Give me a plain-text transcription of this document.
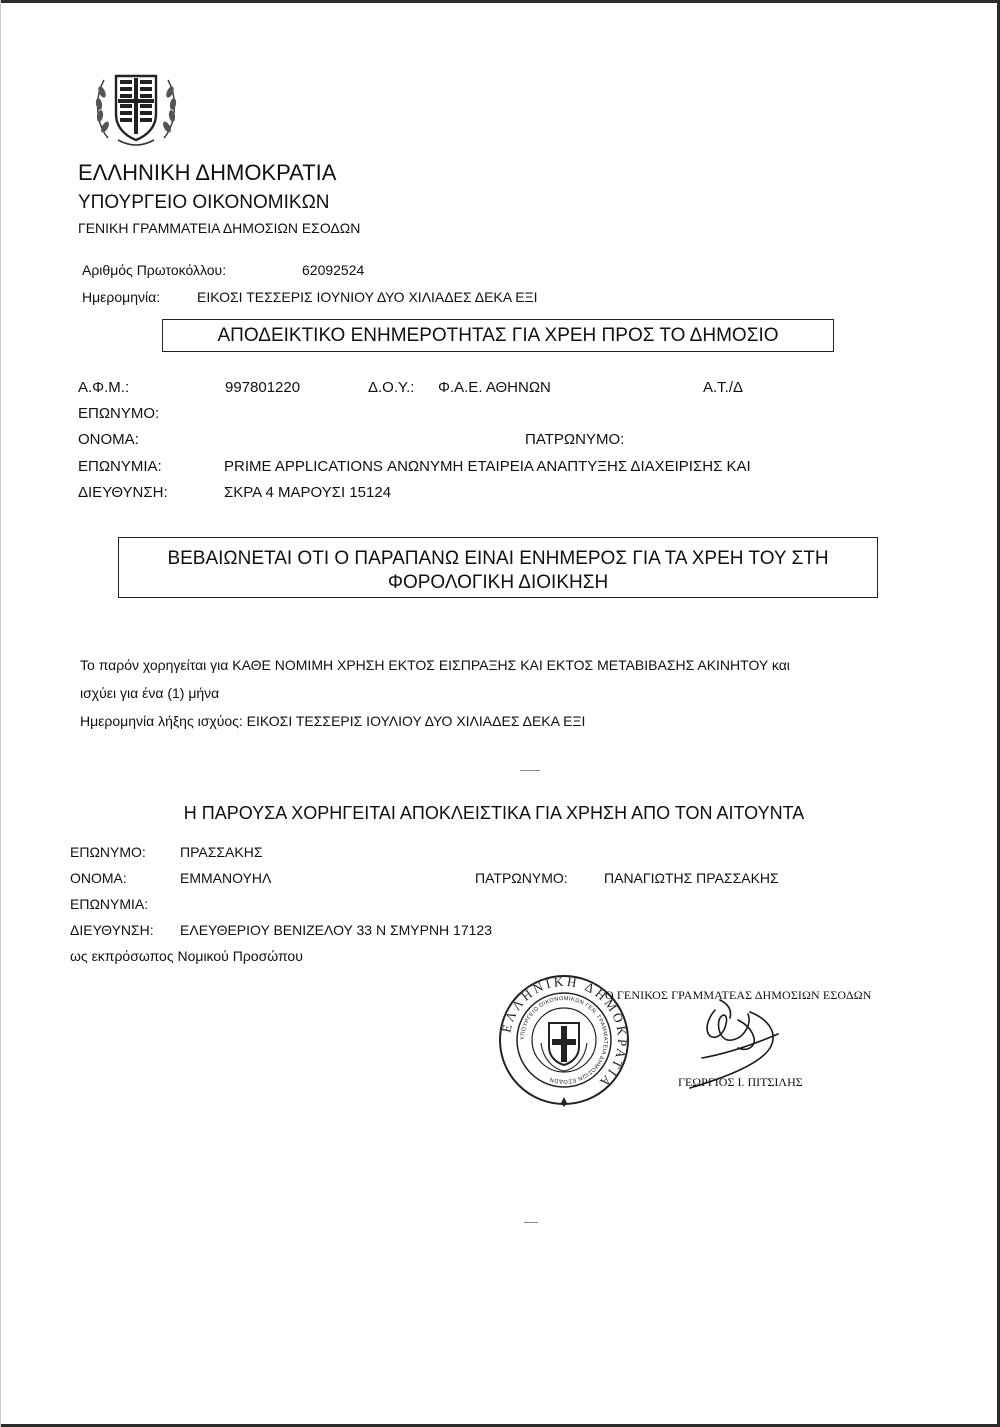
ΕΛΛΗΝΙΚΗ ΔΗΜΟΚΡΑΤΙΑ
ΥΠΟΥΡΓΕΙΟ ΟΙΚΟΝΟΜΙΚΩΝ
ΓΕΝΙΚΗ ΓΡΑΜΜΑΤΕΙΑ ΔΗΜΟΣΙΩΝ ΕΣΟΔΩΝ
Αριθμός Πρωτοκόλλου:	62092524
Ημερομηνία:	ΕΙΚΟΣΙ ΤΕΣΣΕΡΙΣ ΙΟΥΝΙΟΥ ΔΥΟ ΧΙΛΙΑΔΕΣ ΔΕΚΑ ΕΞΙ
ΑΠΟΔΕΙΚΤΙΚΟ ΕΝΗΜΕΡΟΤΗΤΑΣ ΓΙΑ ΧΡΕΗ ΠΡΟΣ ΤΟ ΔΗΜΟΣΙΟ
Α.Φ.Μ.:	997801220	Δ.Ο.Υ.: Φ.Α.Ε. ΑΘΗΝΩΝ	Α.Τ./Δ
ΕΠΩΝΥΜΟ:
ΟΝΟΜΑ:	ΠΑΤΡΩΝΥΜΟ:
ΕΠΩΝΥΜΙΑ:	PRIME APPLICATIONS ΑΝΩΝΥΜΗ ΕΤΑΙΡΕΙΑ ΑΝΑΠΤΥΞΗΣ ΔΙΑΧΕΙΡΙΣΗΣ ΚΑΙ
ΔΙΕΥΘΥΝΣΗ:	ΣΚΡΑ 4 ΜΑΡΟΥΣΙ 15124
ΒΕΒΑΙΩΝΕΤΑΙ ΟΤΙ Ο ΠΑΡΑΠΑΝΩ ΕΙΝΑΙ ΕΝΗΜΕΡΟΣ ΓΙΑ ΤΑ ΧΡΕΗ ΤΟΥ ΣΤΗ
ΦΟΡΟΛΟΓΙΚΗ ΔΙΟΙΚΗΣΗ
Το παρόν χορηγείται για ΚΑΘΕ ΝΟΜΙΜΗ ΧΡΗΣΗ ΕΚΤΟΣ ΕΙΣΠΡΑΞΗΣ ΚΑΙ ΕΚΤΟΣ ΜΕΤΑΒΙΒΑΣΗΣ ΑΚΙΝΗΤΟΥ και
ισχύει για ένα (1) μήνα
Ημερομηνία λήξης ισχύος: ΕΙΚΟΣΙ ΤΕΣΣΕΡΙΣ ΙΟΥΛΙΟΥ ΔΥΟ ΧΙΛΙΑΔΕΣ ΔΕΚΑ ΕΞΙ
Η ΠΑΡΟΥΣΑ ΧΟΡΗΓΕΙΤΑΙ ΑΠΟΚΛΕΙΣΤΙΚΑ ΓΙΑ ΧΡΗΣΗ ΑΠΟ ΤΟΝ ΑΙΤΟΥΝΤΑ
ΕΠΩΝΥΜΟ: ΠΡΑΣΣΑΚΗΣ
ΟΝΟΜΑ:	ΕΜΜΑΝΟΥΗΛ	ΠΑΤΡΩΝΥΜΟ:	ΠΑΝΑΓΙΩΤΗΣ ΠΡΑΣΣΑΚΗΣ
ΕΠΩΝΥΜΙΑ:
ΔΙΕΥΘΥΝΣΗ: ΕΛΕΥΘΕΡΙΟΥ ΒΕΝΙΖΕΛΟΥ 33 Ν ΣΜΥΡΝΗ 17123
ως εκπρόσωπος Νομικού Προσώπου
ΕΛΛΗΝΙΚΗ ΔΗΜΟΚΡΑΤΙΑ
ΥΠΟΥΡΓΕΙΟ ΟΙΚΟΝΟΜΙΚΩΝ ΓΕΝ. ΓΡΑΜΜΑΤΕΙΑ ΔΗΜΟΣΙΩΝ ΕΣΟΔΩΝ
Ο ΓΕΝΙΚΟΣ ΓΡΑΜΜΑΤΕΑΣ ΔΗΜΟΣΙΩΝ ΕΣΟΔΩΝ
ΓΕΩΡΓΙΟΣ Ι. ΠΙΤΣΙΛΗΣ
